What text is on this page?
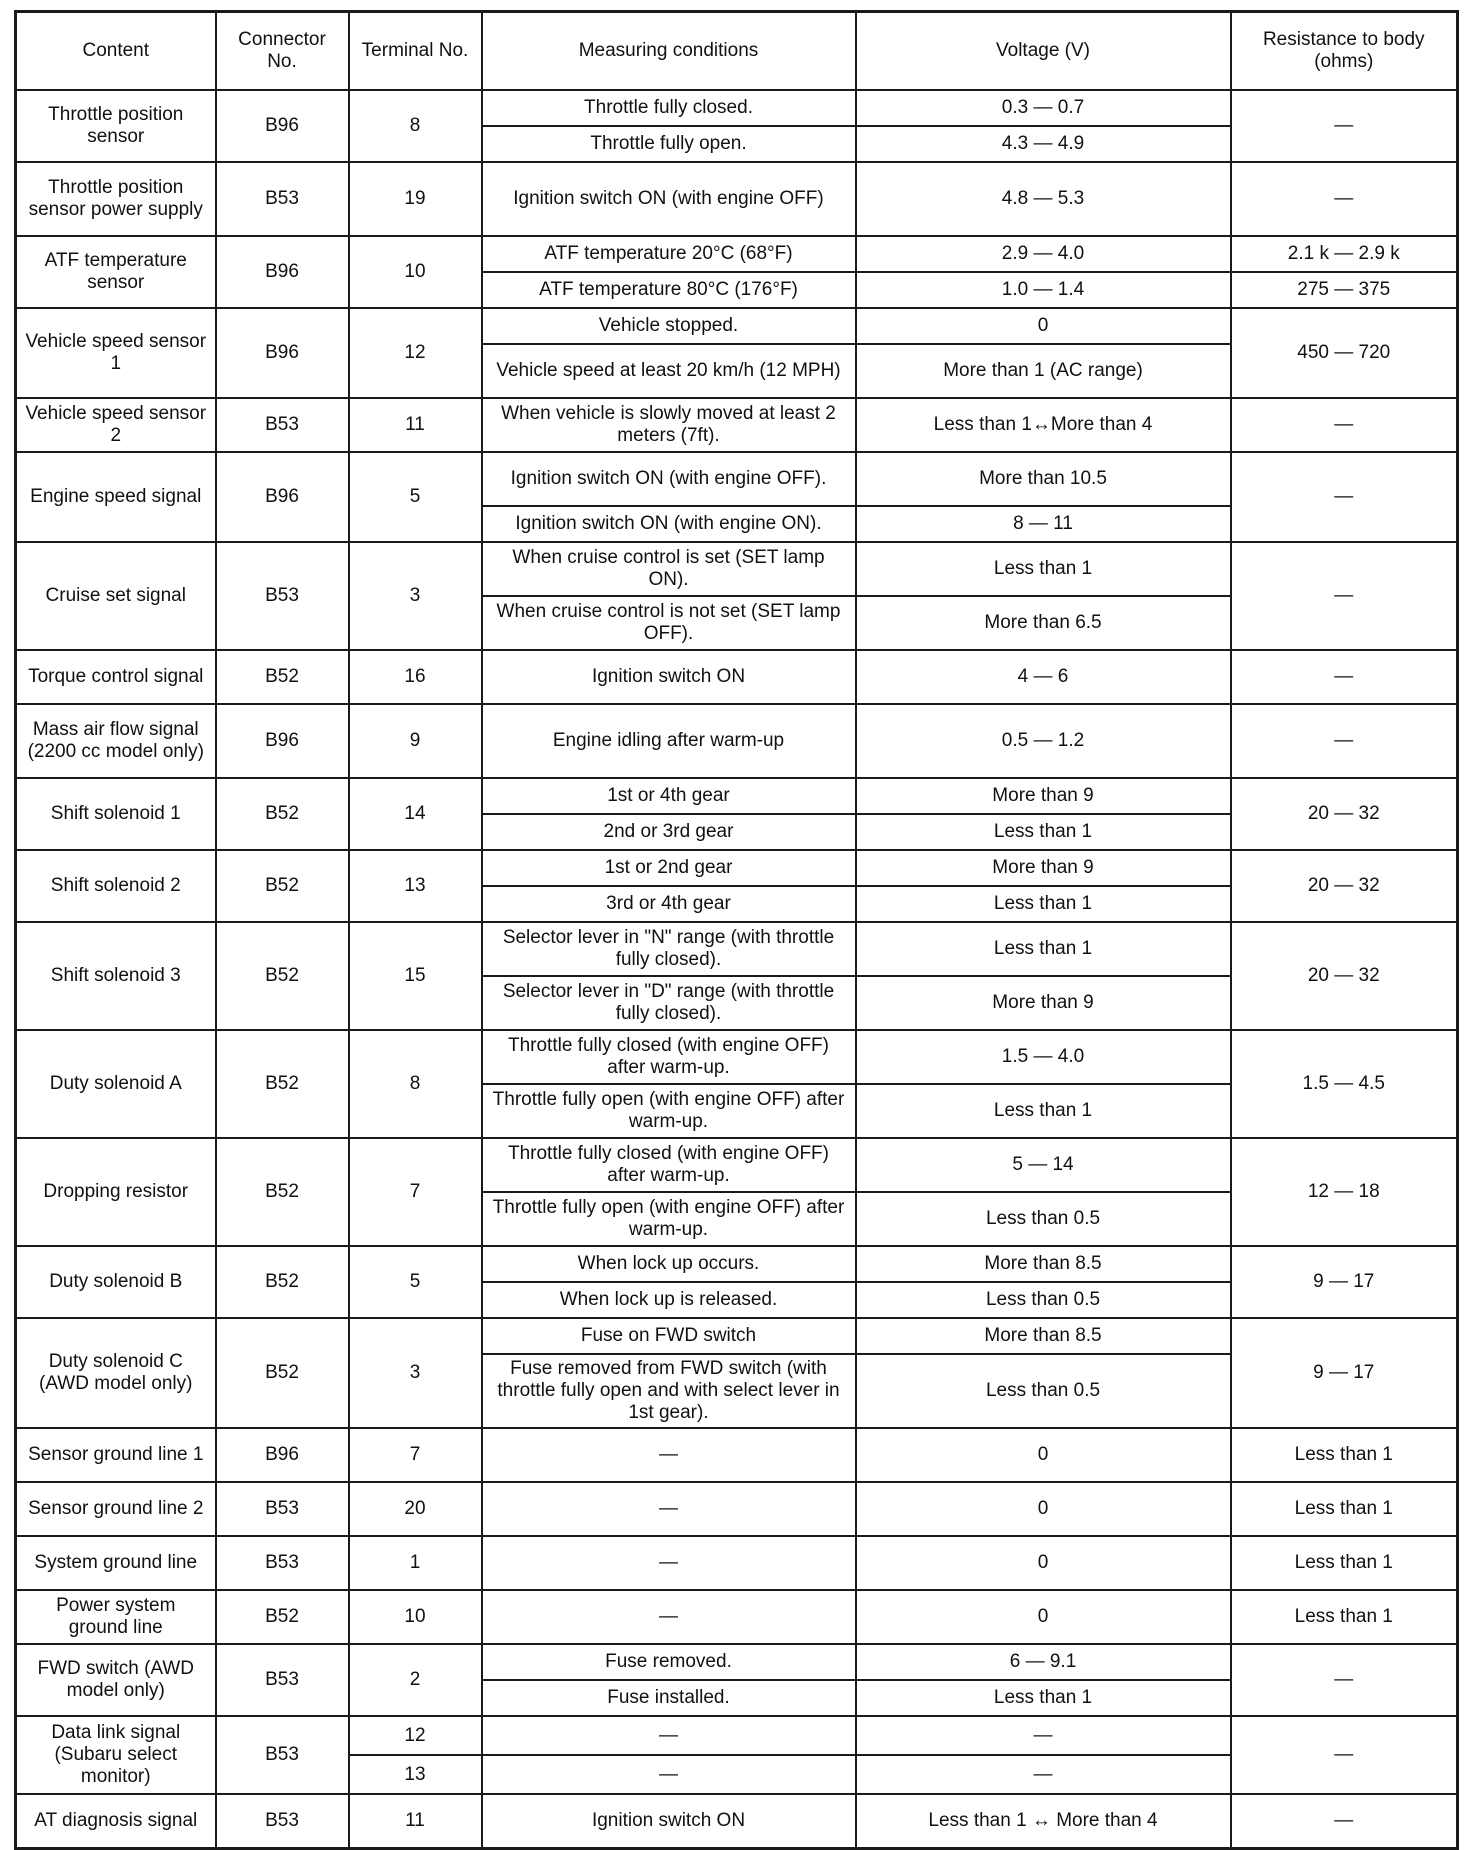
Content	Connector No.	Terminal No.	Measuring conditions	Voltage (V)	Resistance to body (ohms)
Throttle position sensor	B96	8	Throttle fully closed.	0.3 — 0.7	—
			Throttle fully open.	4.3 — 4.9	
Throttle position sensor power supply	B53	19	Ignition switch ON (with engine OFF)	4.8 — 5.3	—
ATF temperature sensor	B96	10	ATF temperature 20°C (68°F)	2.9 — 4.0	2.1 k — 2.9 k
			ATF temperature 80°C (176°F)	1.0 — 1.4	275 — 375
Vehicle speed sensor 1	B96	12	Vehicle stopped.	0	450 — 720
			Vehicle speed at least 20 km/h (12 MPH)	More than 1 (AC range)	
Vehicle speed sensor 2	B53	11	When vehicle is slowly moved at least 2 meters (7ft).	Less than 1↔More than 4	—
Engine speed signal	B96	5	Ignition switch ON (with engine OFF).	More than 10.5	—
			Ignition switch ON (with engine ON).	8 — 11	
Cruise set signal	B53	3	When cruise control is set (SET lamp ON).	Less than 1	—
			When cruise control is not set (SET lamp OFF).	More than 6.5	
Torque control signal	B52	16	Ignition switch ON	4 — 6	—
Mass air flow signal (2200 cc model only)	B96	9	Engine idling after warm-up	0.5 — 1.2	—
Shift solenoid 1	B52	14	1st or 4th gear	More than 9	20 — 32
			2nd or 3rd gear	Less than 1	
Shift solenoid 2	B52	13	1st or 2nd gear	More than 9	20 — 32
			3rd or 4th gear	Less than 1	
Shift solenoid 3	B52	15	Selector lever in "N" range (with throttle fully closed).	Less than 1	20 — 32
			Selector lever in "D" range (with throttle fully closed).	More than 9	
Duty solenoid A	B52	8	Throttle fully closed (with engine OFF) after warm-up.	1.5 — 4.0	1.5 — 4.5
			Throttle fully open (with engine OFF) after warm-up.	Less than 1	
Dropping resistor	B52	7	Throttle fully closed (with engine OFF) after warm-up.	5 — 14	12 — 18
			Throttle fully open (with engine OFF) after warm-up.	Less than 0.5	
Duty solenoid B	B52	5	When lock up occurs.	More than 8.5	9 — 17
			When lock up is released.	Less than 0.5	
Duty solenoid C (AWD model only)	B52	3	Fuse on FWD switch	More than 8.5	9 — 17
			Fuse removed from FWD switch (with throttle fully open and with select lever in 1st gear).	Less than 0.5	
Sensor ground line 1	B96	7	—	0	Less than 1
Sensor ground line 2	B53	20	—	0	Less than 1
System ground line	B53	1	—	0	Less than 1
Power system ground line	B52	10	—	0	Less than 1
FWD switch (AWD model only)	B53	2	Fuse removed.	6 — 9.1	—
			Fuse installed.	Less than 1	
Data link signal (Subaru select monitor)	B53	12	—	—	—
		13	—	—	
AT diagnosis signal	B53	11	Ignition switch ON	Less than 1 ↔ More than 4	—
